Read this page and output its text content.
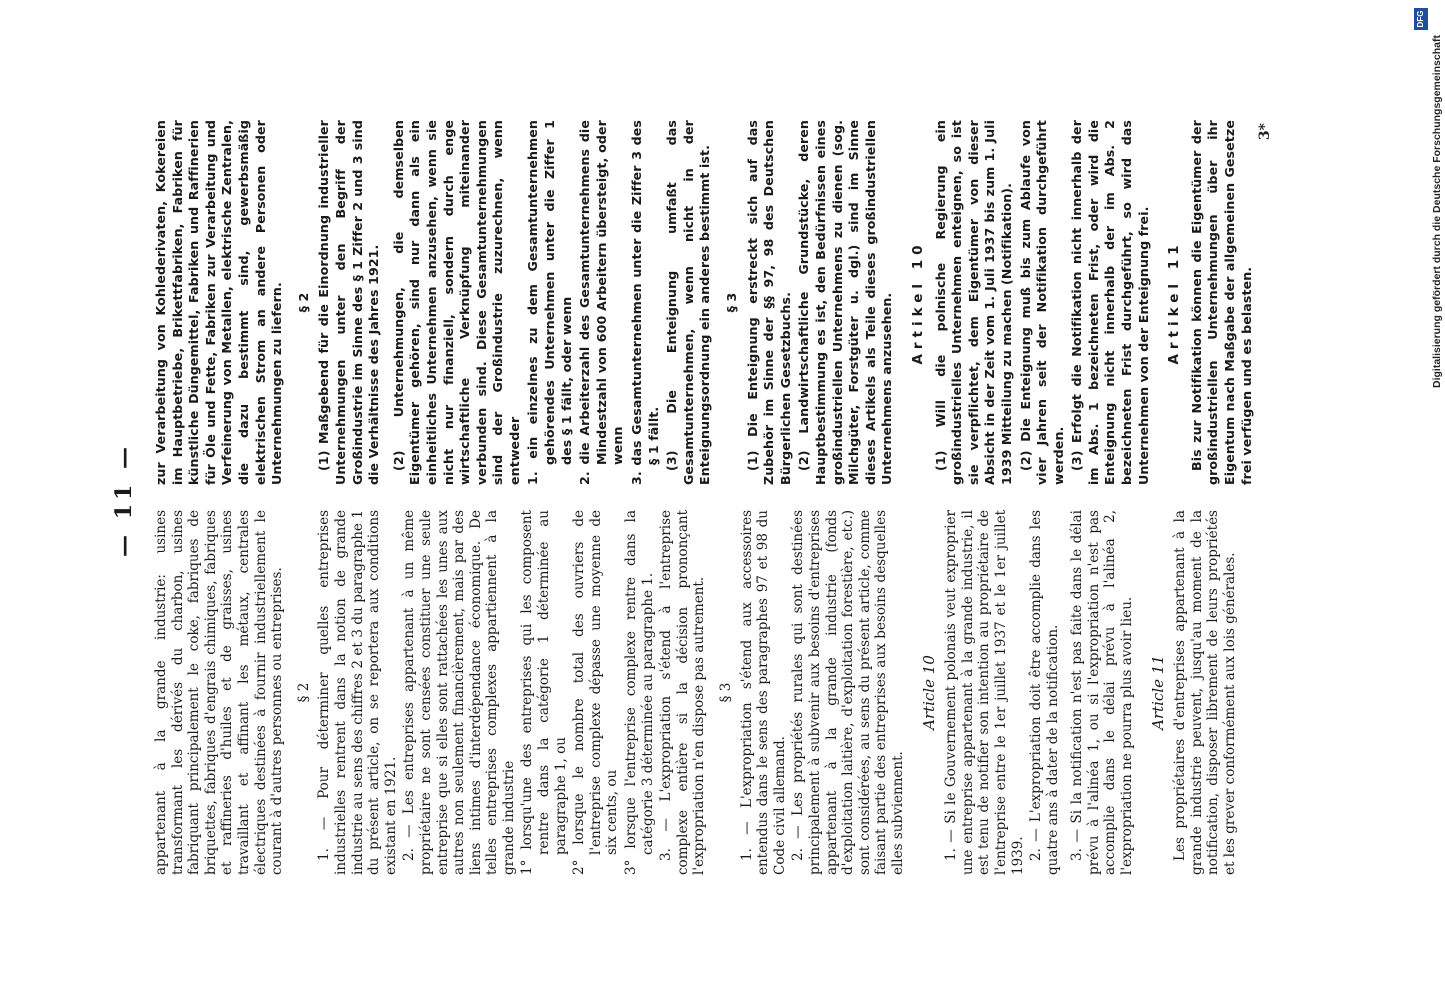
— 11 —

appartenant à la grande industrie: usines transformant les dérivés du charbon, usines fabriquant principalement le coke, fabriques de briquettes, fabriques d'engrais chimiques, fabriques et raffineries d'huiles et de graisses, usines travaillant et affinant les métaux, centrales électriques destinées à fournir industriellement le courant à d'autres personnes ou entreprises. § 2 1. — Pour déterminer quelles entreprises industrielles rentrent dans la notion de grande industrie au sens des chiffres 2 et 3 du paragraphe 1 du présent article, on se reportera aux conditions existant en 1921. 2. — Les entreprises appartenant à un même propriétaire ne sont censées constituer une seule entreprise que si elles sont rattachées les unes aux autres non seulement financièrement, mais par des liens intimes d'interdépendance économique. De telles entreprises complexes appartiennent à la grande industrie 1° lorsqu'une des entreprises qui les composent rentre dans la catégorie 1 déterminée au paragraphe 1, ou 2° lorsque le nombre total des ouvriers de l'entreprise complexe dépasse une moyenne de six cents, ou 3° lorsque l'entreprise complexe rentre dans la catégorie 3 déterminée au paragraphe 1. 3. — L'expropriation s'étend à l'entreprise complexe entière si la décision prononçant l'expropriation n'en dispose pas autrement. § 3 1. — L'expropriation s'étend aux accessoires entendus dans le sens des paragraphes 97 et 98 du Code civil allemand. 2. — Les propriétés rurales qui sont destinées principalement à subvenir aux besoins d'entreprises appartenant à la grande industrie (fonds d'exploitation laitière, d'exploitation forestière, etc.) sont considérées, au sens du présent article, comme faisant partie des entreprises aux besoins desquelles elles subviennent.

Article 10 1. — Si le Gouvernement polonais veut exproprier une entreprise appartenant à la grande industrie, il est tenu de notifier son intention au propriétaire de l'entreprise entre le 1er juillet 1937 et le 1er juillet 1939. 2. — L'expropriation doit être accomplie dans les quatre ans à dater de la notification. 3. — Si la notification n'est pas faite dans le délai prévu à l'alinéa 1, ou si l'expropriation n'est pas accomplie dans le délai prévu à l'alinéa 2, l'expropriation ne pourra plus avoir lieu. Article 11 Les propriétaires d'entreprises appartenant à la grande industrie peuvent, jusqu'au moment de la notification, disposer librement de leurs propriétés et les grever conformément aux lois générales.

zur Verarbeitung von Kohlederivaten, Kokereien im Hauptbetriebe, Brikettfabriken, Fabriken für künstliche Düngemittel, Fabriken und Raffinerien für Öle und Fette, Fabriken zur Verarbeitung und Verfeinerung von Metallen, elektrische Zentralen, die dazu bestimmt sind, gewerbsmäßig elektrischen Strom an andere Personen oder Unternehmungen zu liefern. § 2 (1) Maßgebend für die Einordnung industrieller Unternehmungen unter den Begriff der Großindustrie im Sinne des § 1 Ziffer 2 und 3 sind die Verhältnisse des Jahres 1921. (2) Unternehmungen, die demselben Eigentümer gehören, sind nur dann als ein einheitliches Unternehmen anzusehen, wenn sie nicht nur finanziell, sondern durch enge wirtschaftliche Verknüpfung miteinander verbunden sind. Diese Gesamtunternehmungen sind der Großindustrie zuzurechnen, wenn entweder 1. ein einzelnes zu dem Gesamtunternehmen gehörendes Unternehmen unter die Ziffer 1 des § 1 fällt, oder wenn 2. die Arbeiterzahl des Gesamtunternehmens die Mindestzahl von 600 Arbeitern übersteigt, oder wenn 3. das Gesamtunternehmen unter die Ziffer 3 des § 1 fällt. (3) Die Enteignung umfaßt das Gesamtunternehmen, wenn nicht in der Enteignungsordnung ein anderes bestimmt ist. § 3 (1) Die Enteignung erstreckt sich auf das Zubehör im Sinne der §§ 97, 98 des Deutschen Bürgerlichen Gesetzbuchs. (2) Landwirtschaftliche Grundstücke, deren Hauptbestimmung es ist, den Bedürfnissen eines großindustriellen Unternehmens zu dienen (sog. Milchgüter, Forstgüter u. dgl.) sind im Sinne dieses Artikels als Teile dieses großindustriellen Unternehmens anzusehen. Artikel 10 (1) Will die polnische Regierung ein großindustrielles Unternehmen enteignen, so ist sie verpflichtet, dem Eigentümer von dieser Absicht in der Zeit vom 1. Juli 1937 bis zum 1. Juli 1939 Mitteilung zu machen (Notifikation). (2) Die Enteignung muß bis zum Ablaufe von vier Jahren seit der Notifikation durchgeführt werden. (3) Erfolgt die Notifikation nicht innerhalb der im Abs. 1 bezeichneten Frist, oder wird die Enteignung nicht innerhalb der im Abs. 2 bezeichneten Frist durchgeführt, so wird das Unternehmen von der Enteignung frei. Artikel 11 Bis zur Notifikation können die Eigentümer der großindustriellen Unternehmungen über ihr Eigentum nach Maßgabe der allgemeinen Gesetze frei verfügen und es belasten.

3*	Digitalisierung gefördert durch die Deutsche Forschungsgemeinschaft
DFG
